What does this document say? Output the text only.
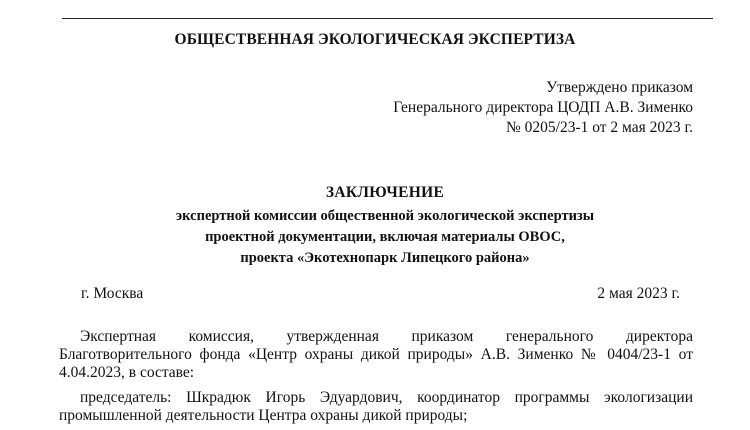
ОБЩЕСТВЕННАЯ ЭКОЛОГИЧЕСКАЯ ЭКСПЕРТИЗА
Утверждено приказом
Генерального директора ЦОДП А.В. Зименко
№ 0205/23-1 от 2 мая 2023 г.
ЗАКЛЮЧЕНИЕ
экспертной комиссии общественной экологической экспертизы
проектной документации, включая материалы ОВОС,
проекта «Экотехнопарк Липецкого района»
г. Москва	2 мая 2023 г.
Экспертная комиссия, утвержденная приказом генерального директора
Благотворительного фонда «Центр охраны дикой природы» А.В. Зименко № 0404/23-1 от
4.04.2023, в составе:
председатель: Шкрадюк Игорь Эдуардович, координатор программы экологизации
промышленной деятельности Центра охраны дикой природы;
